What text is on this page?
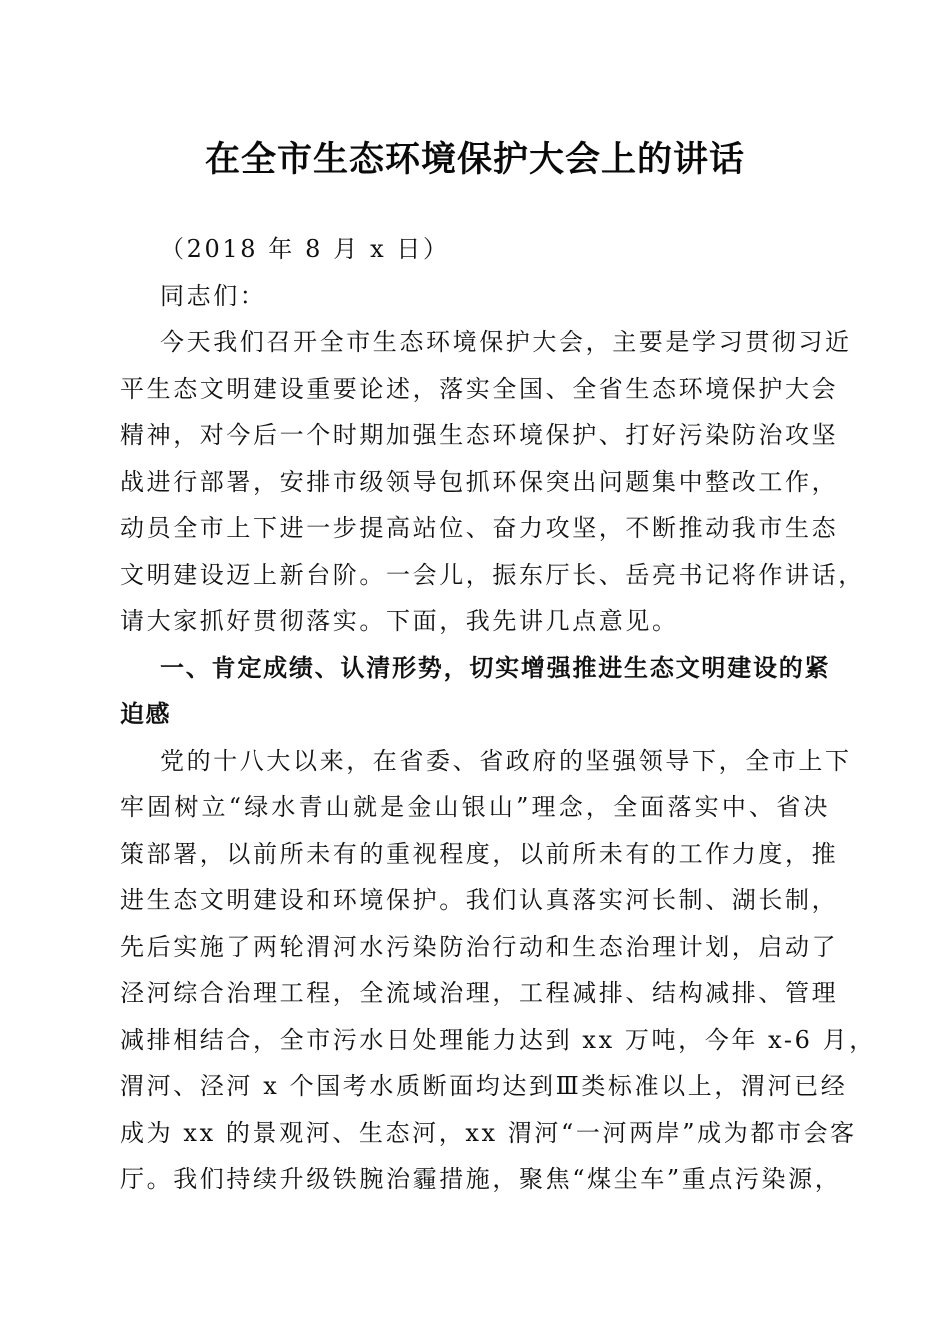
在全市生态环境保护大会上的讲话
（2018 年 8 月 x 日）
同志们：
今天我们召开全市生态环境保护大会，主要是学习贯彻习近
平生态文明建设重要论述，落实全国、全省生态环境保护大会
精神，对今后一个时期加强生态环境保护、打好污染防治攻坚
战进行部署，安排市级领导包抓环保突出问题集中整改工作，
动员全市上下进一步提高站位、奋力攻坚，不断推动我市生态
文明建设迈上新台阶。一会儿，振东厅长、岳亮书记将作讲话，
请大家抓好贯彻落实。下面，我先讲几点意见。
一、肯定成绩、认清形势，切实增强推进生态文明建设的紧
迫感
党的十八大以来，在省委、省政府的坚强领导下，全市上下
牢固树立“绿水青山就是金山银山”理念，全面落实中、省决
策部署，以前所未有的重视程度，以前所未有的工作力度，推
进生态文明建设和环境保护。我们认真落实河长制、湖长制，
先后实施了两轮渭河水污染防治行动和生态治理计划，启动了
泾河综合治理工程，全流域治理，工程减排、结构减排、管理
减排相结合，全市污水日处理能力达到 xx 万吨，今年 x-6 月，
渭河、泾河 x 个国考水质断面均达到Ⅲ类标准以上，渭河已经
成为 xx 的景观河、生态河，xx 渭河“一河两岸”成为都市会客
厅。我们持续升级铁腕治霾措施，聚焦“煤尘车”重点污染源，
